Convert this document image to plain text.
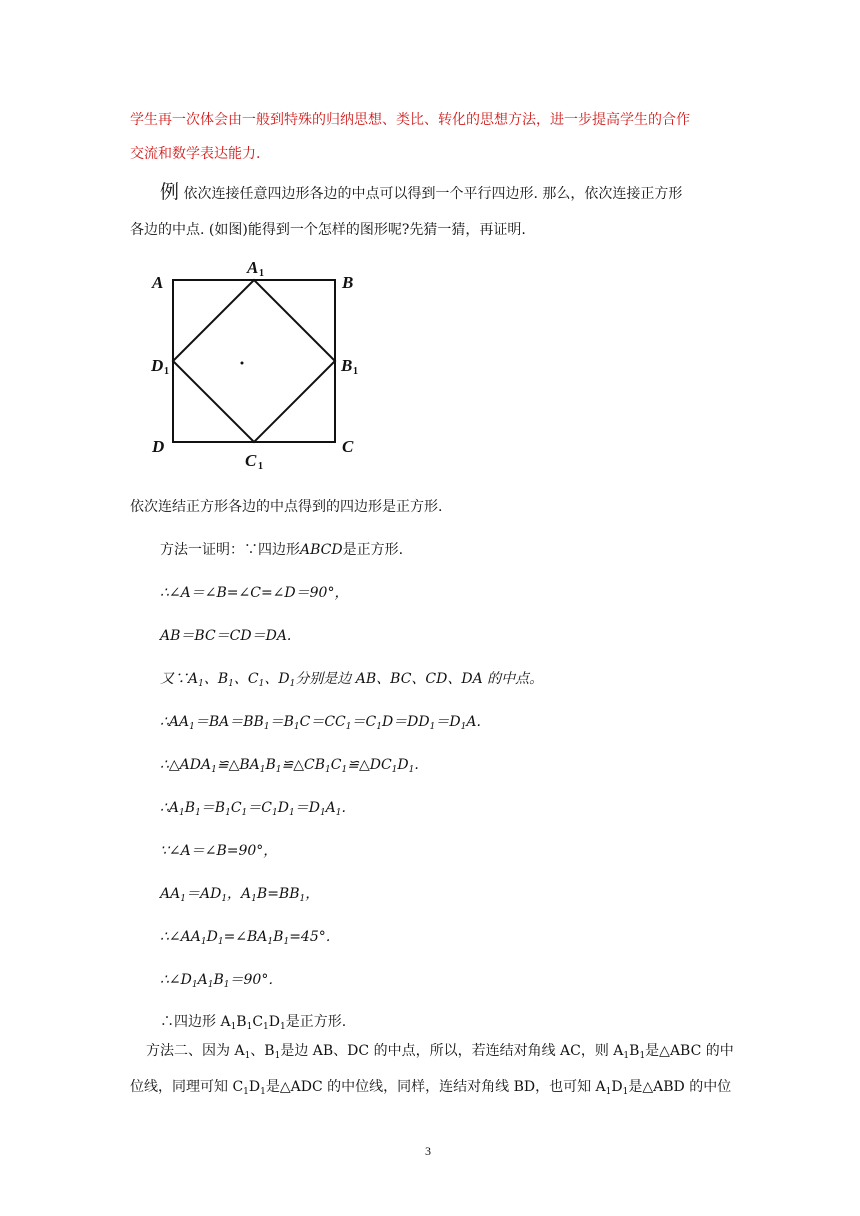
学生再一次体会由一般到特殊的归纳思想、类比、转化的思想方法，进一步提高学生的合作
交流和数学表达能力.
例 依次连接任意四边形各边的中点可以得到一个平行四边形. 那么，依次连接正方形
各边的中点. (如图)能得到一个怎样的图形呢?先猜一猜，再证明.
A	B
C
D
A 1
B 1
C 1
D 1
依次连结正方形各边的中点得到的四边形是正方形.
方法一证明：∵四边形ABCD是正方形.
∴∠A＝∠B=∠C=∠D＝90°，
AB＝BC＝CD＝DA.
又$\because A_1$、$B_1$、$C_1$、$D_1$分别是边 AB、BC、CD、DA 的中点。
$\therefore AA_1=BA=BB_1=B_1C=CC_1=C_1D=DD_1=D_1A$.
$\therefore\triangle ADA_1≌\triangle BA_1B_1≌\triangle CB_1C_1≌\triangle DC_1D_1$.
$\therefore A_1B_1=B_1C_1=C_1D_1=D_1A_1$.
∵∠A＝∠B=90°，
$AA_1=AD_1$，$A_1B=BB_1$，
$\therefore\angle AA_1D_1=\angle BA_1B_1=45^\circ$．
$\therefore\angle D_1A_1B_1=90^\circ$．
∴四边形 $A_1B_1C_1D_1$是正方形.
方法二、因为 $A_1$、$B_1$是边 AB、DC 的中点，所以，若连结对角线 AC，则 $A_1B_1$是△ABC 的中
位线，同理可知 $C_1D_1$是△ADC 的中位线，同样，连结对角线 BD，也可知 $A_1D_1$是△ABD 的中位
3
